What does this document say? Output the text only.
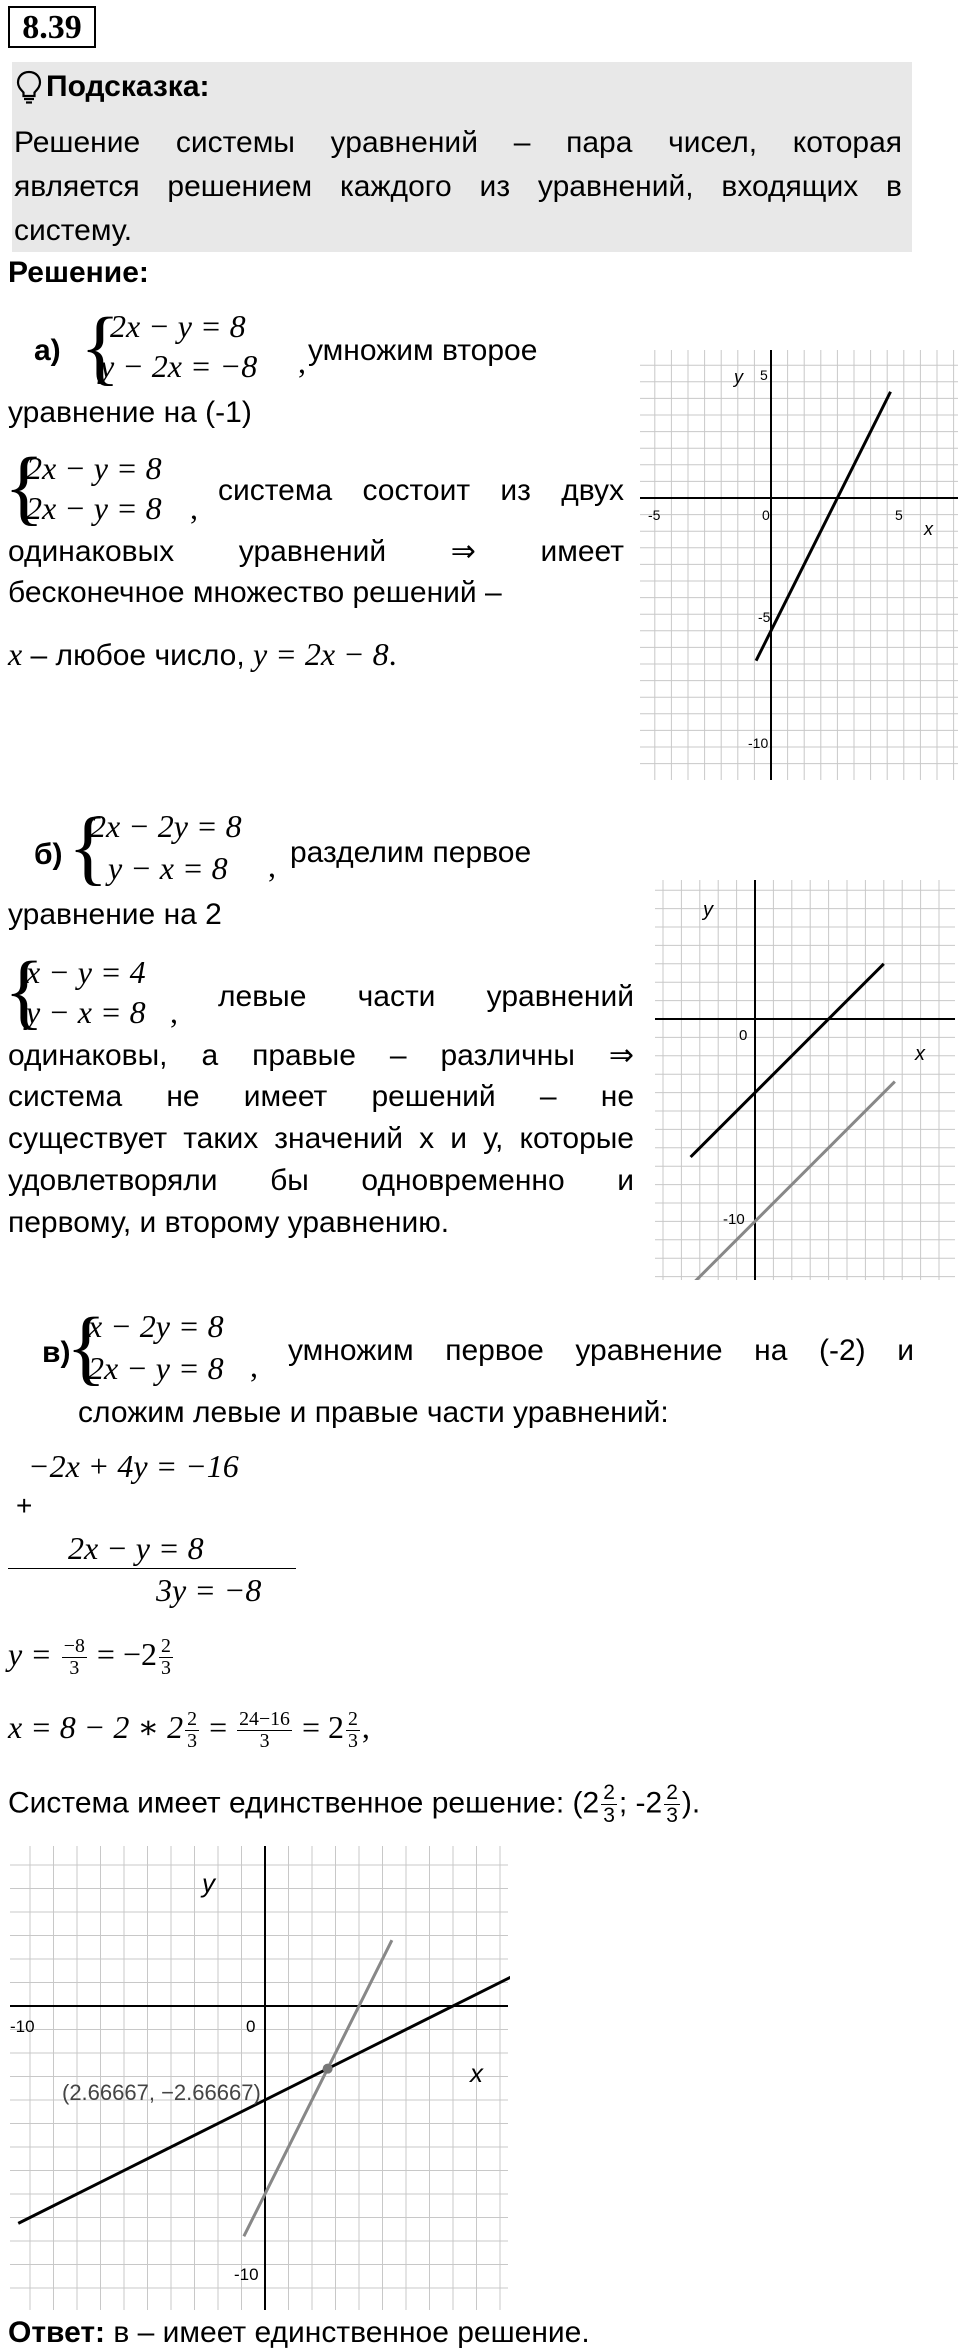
8.39
Подсказка:
Решение системы уравнений – пара чисел, которая
является решением каждого из уравнений, входящих в
систему.
Решение:
а) {
2x − y = 8
y − 2x = −8 , умножим второе
уравнение на (-1)
{
2x − y = 8
2x − y = 8 , система состоит из двух
одинаковых уравнений ⇒ имеет
бесконечное множество решений –
x – любое число, y = 2x − 8.
y
x
-5	0	5
5
-5
-10
б) {
2x − 2y = 8
y − x = 8 , разделим первое
уравнение на 2
{
x − y = 4
y − x = 8 , левые части уравнений
одинаковы, а правые – различны ⇒
система не имеет решений – не
существует таких значений х и у, которые
удовлетворяли бы одновременно и
первому, и второму уравнению.
y
x
0
-10
в)
{
x − 2y = 8
2x − y = 8 , умножим первое уравнение на (-2) и
сложим левые и правые части уравнений:
−2x + 4y = −16
+
2x − y = 8
3y = −8
$y = \frac{-8}{3} = -2 \frac{2}{3}$
x = 8 − 2 ∗ $2 \frac{2}{3} = \frac{24-16}{3} = 2 \frac{2}{3}$ ,
Система имеет единственное решение: ($2 \frac{2}{3}$ ; $-2 \frac{2}{3}$ ).
y
x
-10	0
-10
(2.66667, −2.66667)
Ответ: в – имеет единственное решение.
